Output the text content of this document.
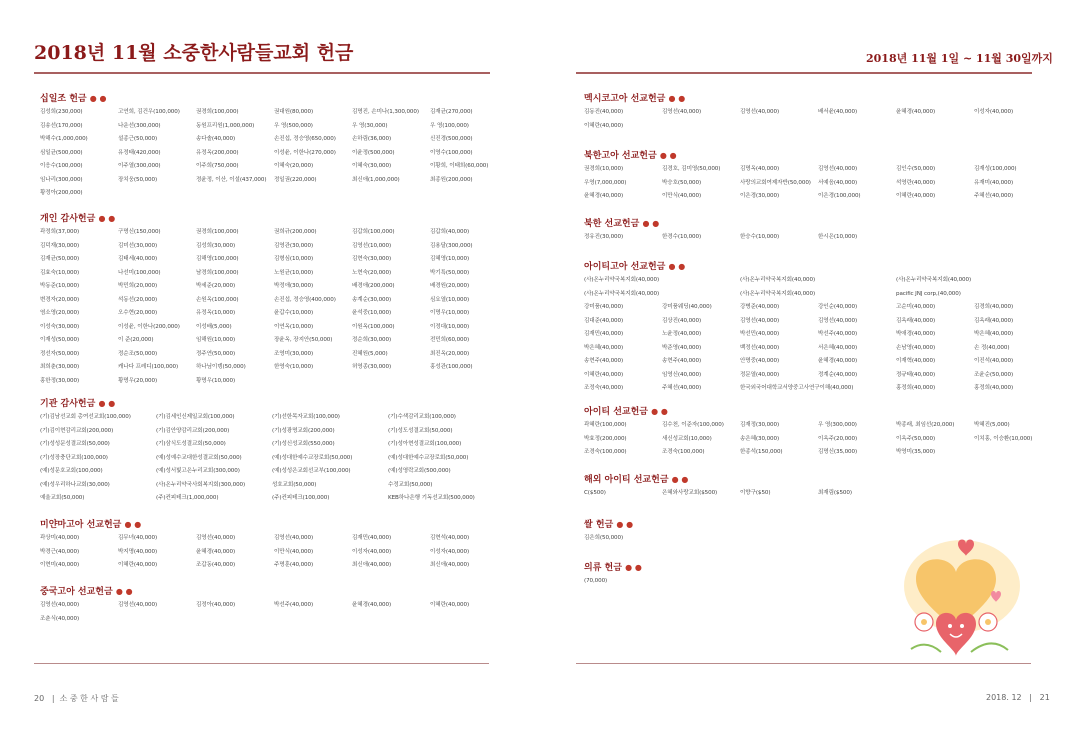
2018년 11월 소중한사람들교회 헌금	2018년 11월 1일 ~ 11월 30일까지
십일조 헌금 ● ●
김성희(230,000)	고연희, 김건우(100,000)	권경희(100,000)	권대원(80,000)	김명진, 손미나(1,300,000)	김재균(270,000)
김송선(170,000)	나운선(300,000)	동원프리원(1,000,000)	우 영(500,000)	우 영(30,000)	우 영(100,000)
박해수(1,000,000)	설종근(50,000)	송다솔(40,000)	손진섭, 정승영(650,000)	손하림(36,000)	신진경(500,000)
심일균(500,000)	유정태(420,000)	유정옥(200,000)	이성윤, 이한나(270,000)	이윤정(500,000)	이영수(100,000)
이응수(100,000)	이주열(300,000)	이주희(750,000)	이혜숙(20,000)	이혜숙(30,000)	이황희, 이태희(60,000)
임나리(300,000)	장치웅(50,000)	정윤정, 이산, 이설(437,000)	정일권(220,000)	최신애(1,000,000)	최종원(200,000)
황정아(200,000)
개인 감사헌금 ● ●
곽정희(37,000)	구명신(150,000)	권경희(100,000)	권희규(200,000)	김갑희(100,000)	김갑희(40,000)
김덕재(30,000)	김미선(30,000)	김성희(30,000)	김영관(30,000)	김영선(10,000)	김용달(300,000)
김재균(50,000)	김태세(40,000)	김해영(100,000)	김형심(10,000)	김현숙(30,000)	김혜영(10,000)
김효숙(10,000)	나선미(100,000)	남경희(100,000)	노원균(10,000)	노현숙(20,000)	박기특(50,000)
박동준(10,000)	박민희(20,000)	박세준(20,000)	박정애(30,000)	배경애(200,000)	배경원(20,000)
변경자(20,000)	석동선(20,000)	손원옥(100,000)	손진섭, 정승영(400,000)	송계순(30,000)	심요열(10,000)
염소영(20,000)	오수현(20,000)	유정옥(10,000)	윤갑수(10,000)	윤석중(10,000)	이명우(10,000)
이성숙(30,000)	이성윤, 이한나(200,000)	이성배(5,000)	이연옥(10,000)	이원옥(100,000)	이정대(10,000)
이재성(50,000)	이 준(20,000)	임해원(10,000)	장윤옥, 장지안(50,000)	정순희(30,000)	전민희(60,000)
정선자(50,000)	정순조(50,000)	정주연(50,000)	조영미(30,000)	진혜원(5,000)	최진옥(20,000)
최희춘(30,000)	캐나다 프레디(100,000)	하나님이뎅(50,000)	한영숙(10,000)	허영종(30,000)	홍성관(100,000)
홍한정(30,000)	황명우(20,000)	황명우(10,000)
기관 감사헌금 ● ●
(기)김남선교회 총여선교회(100,000)	(기)김세인신제일교회(100,000)	(기)선한목자교회(100,000)	(기)수색감리교회(100,000)
(기)김이현감리교회(200,000)	(기)김안양감리교회(200,000)	(기)성광명교회(200,000)	(기)성도성결교회(50,000)
(기)성성문성결교회(50,000)	(기)삼식도성결교회(50,000)	(기)성신성교회(550,000)	(기)성아현성결교회(100,000)
(기)성장충단교회(100,000)	(예)성예수교대한성결교회(50,000)	(예)성대한예수교장로회(50,000)	(예)성대한예수교장로회(50,000)
(예)성문호교회(100,000)	(예)성서빛고은누리교회(300,000)	(예)성성은교회선교부(100,000)	(예)성영락교회(500,000)
(예)성우리하나교회(30,000)	(사)온누리약국사회복지회(300,000)	성호교회(50,000)	수정교회(50,000)
예울교회(50,000)	(주)컨피테크(1,000,000)	(주)컨피테크(100,000)	KEB하나은행 기독선교회(500,000)
미얀마고아 선교헌금 ● ●
곽상미(40,000)	김무녀(40,000)	김영선(40,000)	김영선(40,000)	김재민(40,000)	김현석(40,000)
박경근(40,000)	박지명(40,000)	윤혜경(40,000)	이만식(40,000)	이성자(40,000)	이성자(40,000)
이현미(40,000)	이혜란(40,000)	조갑동(40,000)	주명훈(40,000)	최신애(40,000)	최신애(40,000)
중국고아 선교헌금 ● ●
김영선(40,000)	김영선(40,000)	김정아(40,000)	박선주(40,000)	윤혜경(40,000)	이혜란(40,000)
조춘식(40,000)
멕시코고아 선교헌금 ● ●
김동진(40,000)	김영선(40,000)	김영선(40,000)	배서윤(40,000)	윤혜경(40,000)	이성자(40,000)
이혜란(40,000)
북한고아 선교헌금 ● ●
권경희(10,000)	김경호, 김미영(50,000)	김명옥(40,000)	김영선(40,000)	김인수(50,000)	김재성(100,000)
우영(7,000,000)	박승호(50,000)	사랑의교회여제자반(50,000)	서예음(40,000)	석영란(40,000)	유재미(40,000)
윤혜경(40,000)	이만식(40,000)	이은경(30,000)	이은경(100,000)	이혜란(40,000)	주혜선(40,000)
북한 선교헌금 ● ●
정유진(30,000)	한경수(10,000)	한승수(10,000)	한시은(10,000)
아이티고아 선교헌금 ● ●
(사)온누리약국복지회(40,000)	(사)온누리약국복지회(40,000)	(사)온누리약국복지회(40,000)
(사)온누리약국복지회(40,000)	(사)온누리약국복지회(40,000)	pacific JNJ corp,(40,000)
강미품(40,000)	강미품웨딩(40,000)	강병준(40,000)	강인순(40,000)	고순미(40,000)	김경희(40,000)
김대준(40,000)	김상진(40,000)	김영선(40,000)	김영선(40,000)	김옥래(40,000)	김옥래(40,000)
김재민(40,000)	노윤정(40,000)	박선민(40,000)	박선주(40,000)	박애경(40,000)	박은혜(40,000)
박은혜(40,000)	박준영(40,000)	백정선(40,000)	서은혜(40,000)	손남영(40,000)	손 정(40,000)
송현주(40,000)	송현주(40,000)	안명중(40,000)	윤혜경(40,000)	이재혁(40,000)	이진석(40,000)
이혜란(40,000)	임영신(40,000)	정문열(40,000)	정계순(40,000)	정규태(40,000)	조윤순(50,000)
조정숙(40,000)	주혜선(40,000)	한국외국어대학교서양중고사연구이해(40,000)	홍정희(40,000)	홍정희(40,000)
아이티 선교헌금 ● ●
곽혜란(100,000)	김수천, 이준자(100,000)	김재정(30,000)	우 영(300,000)	박종래, 최임선(20,000)	박혜진(5,000)
박효정(200,000)	새신성교회(10,000)	송은혜(30,000)	이옥주(20,000)	이옥주(50,000)	이치홍, 이승환(10,000)
조경숙(100,000)	조경숙(100,000)	한종석(150,000)	김명신(35,000)	박영미(35,000)
해외 아이티 선교헌금 ● ●
C($500)	은혜와사랑교회($500)	이향구($50)	최재림($500)
쌀 헌금 ● ●
김은희(50,000)
의류 헌금 ● ●
(70,000)
20 | 소 중 한 사 람 들	2018. 12 | 21
